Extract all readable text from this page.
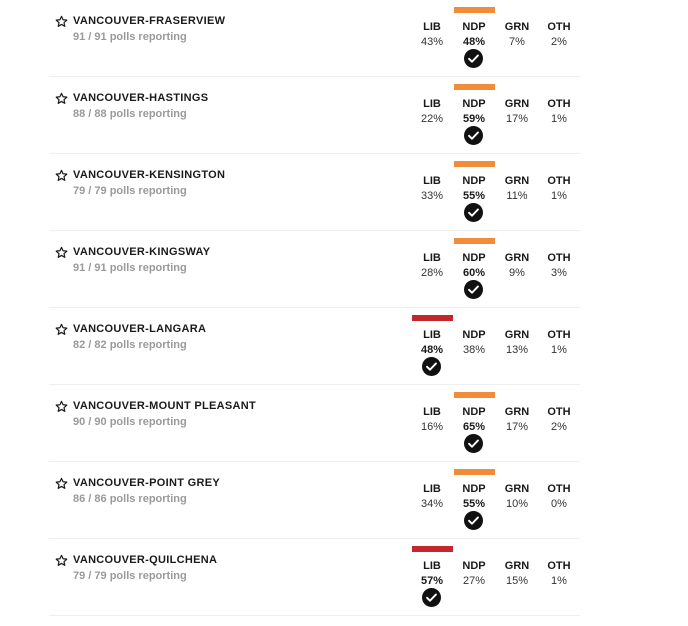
VANCOUVER-FRASERVIEW
91 / 91 polls reporting
LIB
43%
NDP
48%
GRN
7%
OTH
2%
VANCOUVER-HASTINGS
88 / 88 polls reporting
LIB
22%
NDP
59%
GRN
17%
OTH
1%
VANCOUVER-KENSINGTON
79 / 79 polls reporting
LIB
33%
NDP
55%
GRN
11%
OTH
1%
VANCOUVER-KINGSWAY
91 / 91 polls reporting
LIB
28%
NDP
60%
GRN
9%
OTH
3%
VANCOUVER-LANGARA
82 / 82 polls reporting
LIB
48%
NDP
38%
GRN
13%
OTH
1%
VANCOUVER-MOUNT PLEASANT
90 / 90 polls reporting
LIB
16%
NDP
65%
GRN
17%
OTH
2%
VANCOUVER-POINT GREY
86 / 86 polls reporting
LIB
34%
NDP
55%
GRN
10%
OTH
0%
VANCOUVER-QUILCHENA
79 / 79 polls reporting
LIB
57%
NDP
27%
GRN
15%
OTH
1%
